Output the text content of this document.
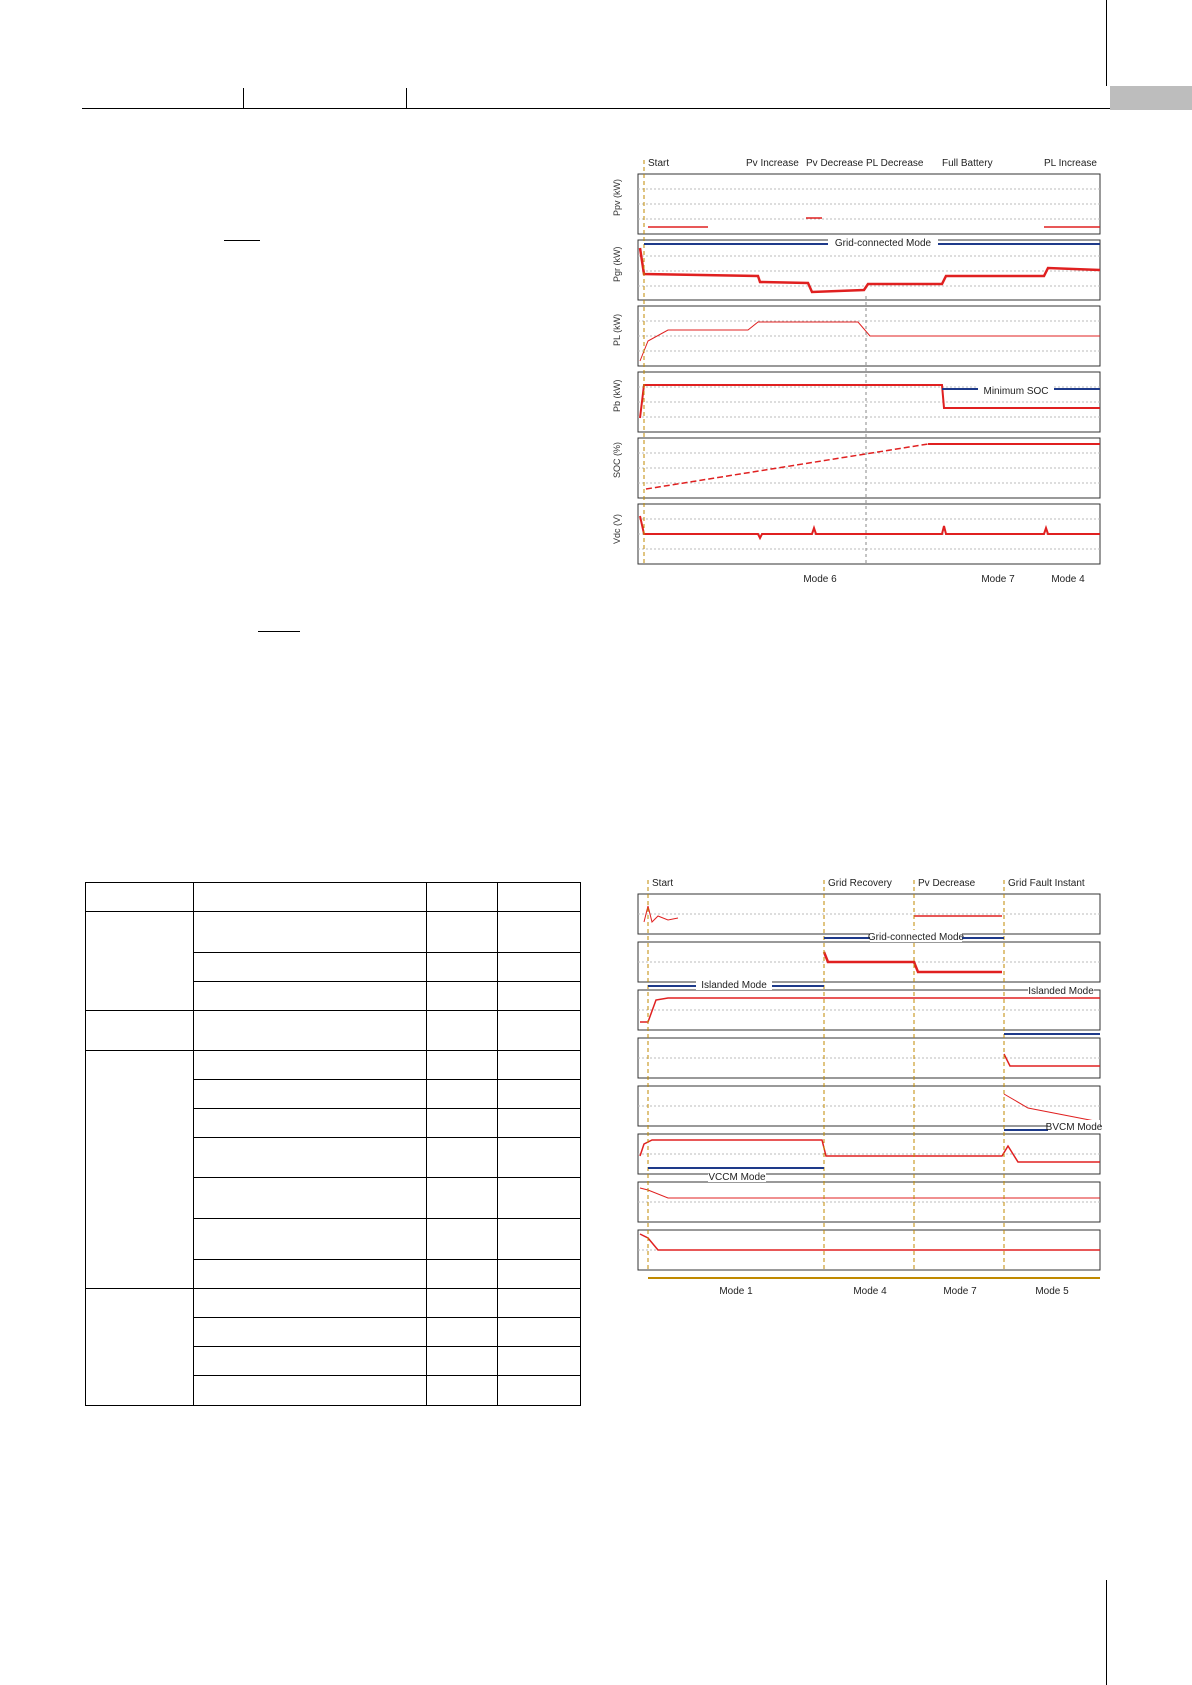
Grid-connected Mode
Minimum SOC
Start	Pv Increase Pv Decrease PL Decrease Full Battery	PL Increase
Mode 6	Mode 7	Mode 4
Ppv (kW)
Pgr (kW)
PL (kW)
Pb (kW)
SOC (%)
Vdc (V)
Grid-connected Mode
Islanded Mode
Islanded Mode
BVCM Mode
VCCM Mode
Start	Grid Recovery	Pv Decrease	Grid Fault Instant
Mode 1	Mode 4	Mode 7	Mode 5
